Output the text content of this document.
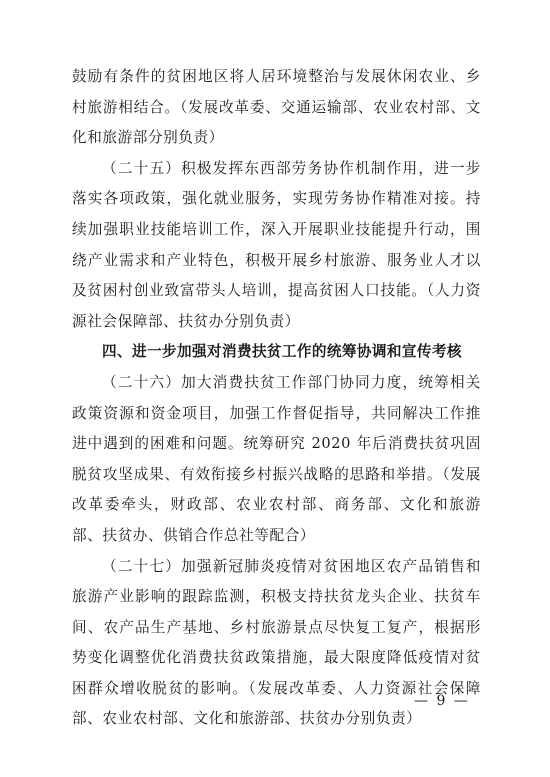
鼓励有条件的贫困地区将人居环境整治与发展休闲农业、乡村旅游相结合。（发展改革委、交通运输部、农业农村部、文化和旅游部分别负责）

（二十五）积极发挥东西部劳务协作机制作用，进一步落实各项政策，强化就业服务，实现劳务协作精准对接。持续加强职业技能培训工作，深入开展职业技能提升行动，围绕产业需求和产业特色，积极开展乡村旅游、服务业人才以及贫困村创业致富带头人培训，提高贫困人口技能。（人力资源社会保障部、扶贫办分别负责）

四、进一步加强对消费扶贫工作的统筹协调和宣传考核

（二十六）加大消费扶贫工作部门协同力度，统筹相关政策资源和资金项目，加强工作督促指导，共同解决工作推进中遇到的困难和问题。统筹研究 2020 年后消费扶贫巩固脱贫攻坚成果、有效衔接乡村振兴战略的思路和举措。（发展改革委牵头，财政部、农业农村部、商务部、文化和旅游部、扶贫办、供销合作总社等配合）

（二十七）加强新冠肺炎疫情对贫困地区农产品销售和旅游产业影响的跟踪监测，积极支持扶贫龙头企业、扶贫车间、农产品生产基地、乡村旅游景点尽快复工复产，根据形势变化调整优化消费扶贫政策措施，最大限度降低疫情对贫困群众增收脱贫的影响。（发展改革委、人力资源社会保障部、农业农村部、文化和旅游部、扶贫办分别负责）

— 9 —
